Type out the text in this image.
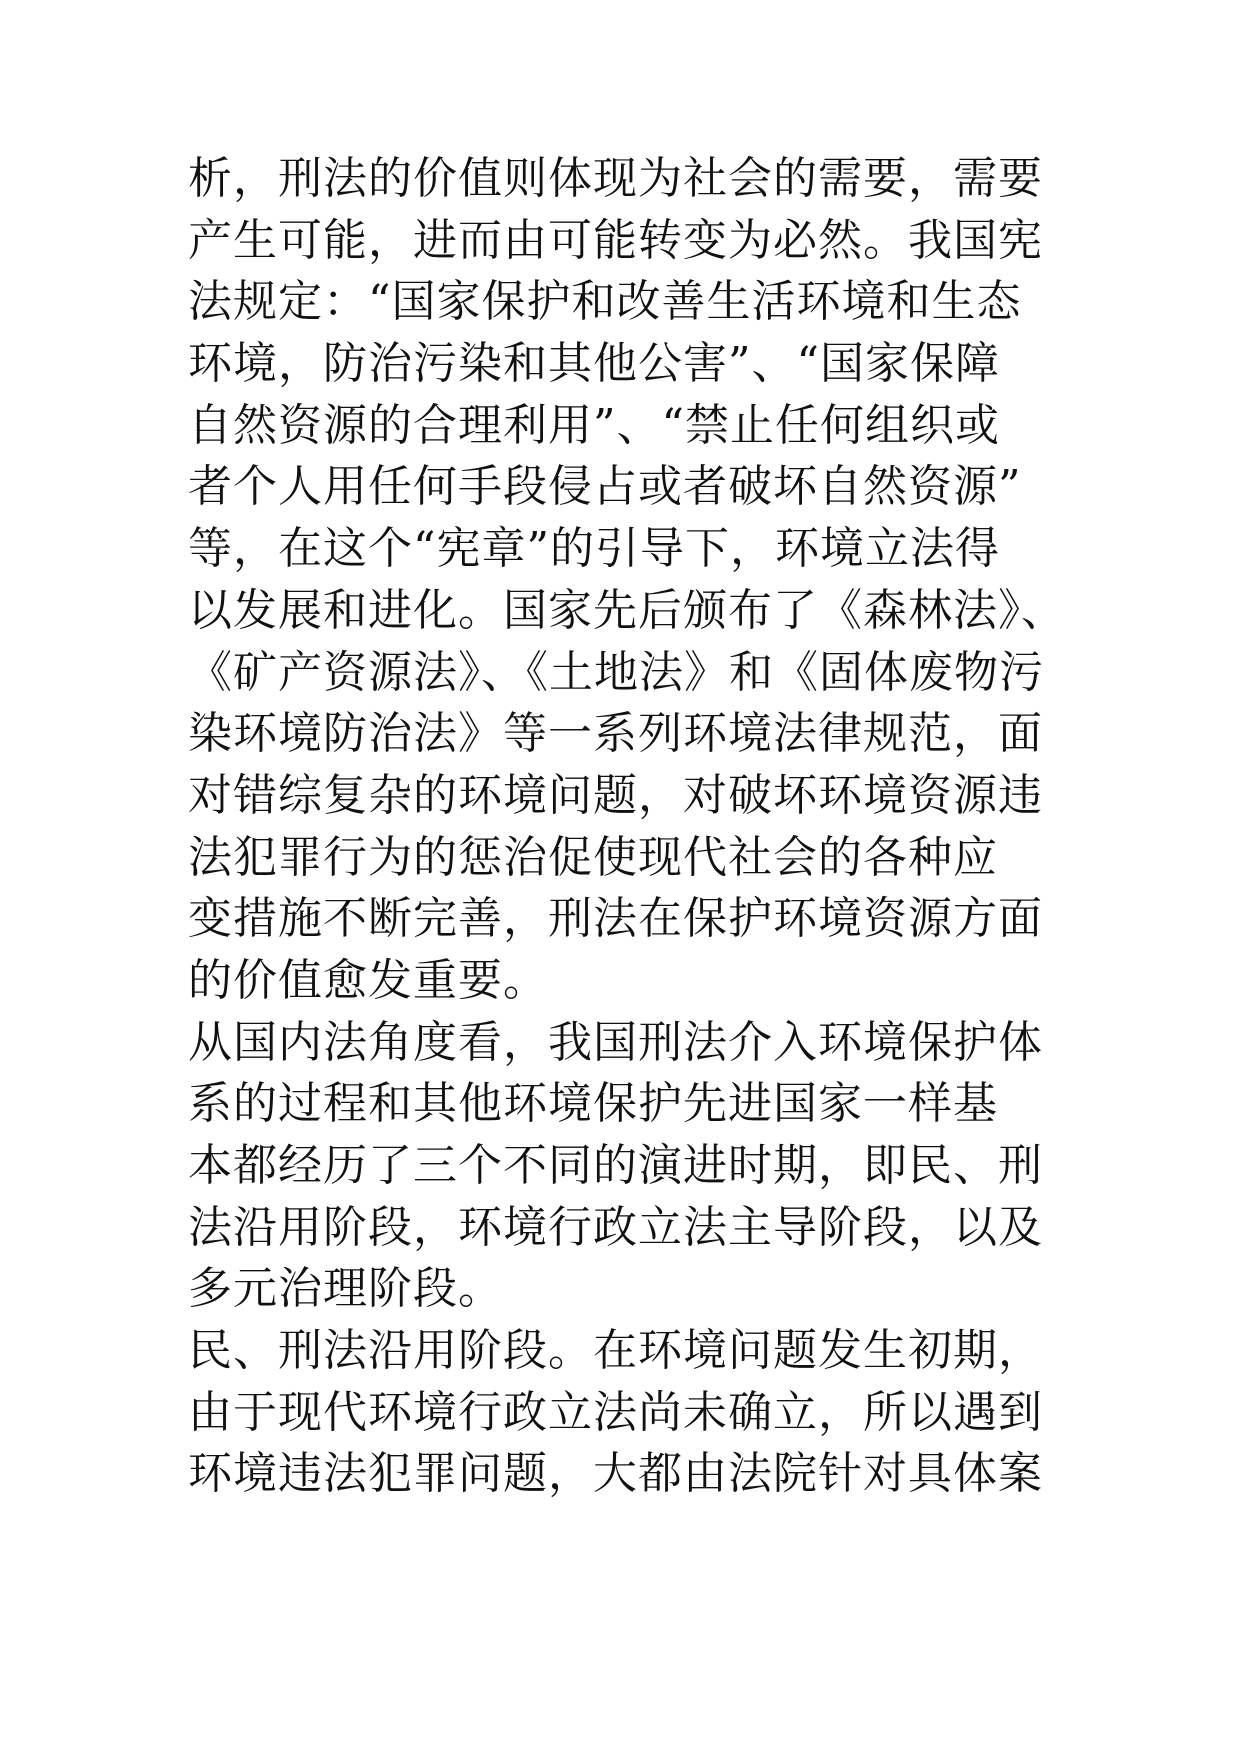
析，刑法的价值则体现为社会的需要，需要
产生可能，进而由可能转变为必然。我国宪
法规定：“国家保护和改善生活环境和生态
环境，防治污染和其他公害”、“国家保障
自然资源的合理利用”、“禁止任何组织或
者个人用任何手段侵占或者破坏自然资源”
等，在这个“宪章”的引导下，环境立法得
以发展和进化。国家先后颁布了《森林法》、
《矿产资源法》、《土地法》和《固体废物污
染环境防治法》等一系列环境法律规范，面
对错综复杂的环境问题，对破坏环境资源违
法犯罪行为的惩治促使现代社会的各种应
变措施不断完善，刑法在保护环境资源方面
的价值愈发重要。
从国内法角度看，我国刑法介入环境保护体
系的过程和其他环境保护先进国家一样基
本都经历了三个不同的演进时期，即民、刑
法沿用阶段，环境行政立法主导阶段，以及
多元治理阶段。
民、刑法沿用阶段。在环境问题发生初期，
由于现代环境行政立法尚未确立，所以遇到
环境违法犯罪问题，大都由法院针对具体案
